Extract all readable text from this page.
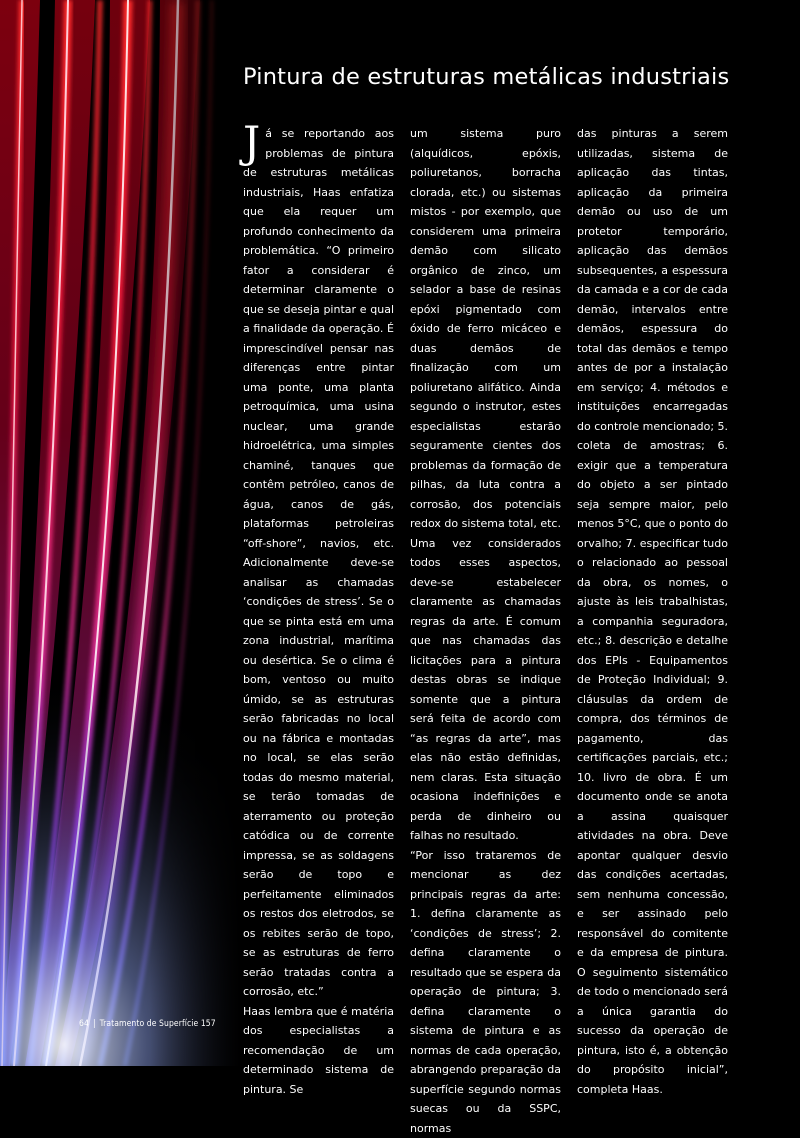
Pintura de estruturas metálicas industriais

Já se reportando aos problemas de pintura de estruturas metálicas industriais, Haas enfatiza que ela requer um profundo conhecimento da problemática. “O primeiro fator a considerar é determinar claramente o que se deseja pintar e qual a finalidade da operação. É imprescindível pensar nas diferenças entre pintar uma ponte, uma planta petroquímica, uma usina nuclear, uma grande hidroelétrica, uma simples chaminé, tanques que contêm petróleo, canos de água, canos de gás, plataformas petroleiras “off-shore”, navios, etc. Adicionalmente deve-se analisar as chamadas ‘condições de stress’. Se o que se pinta está em uma zona industrial, marítima ou desértica. Se o clima é bom, ventoso ou muito úmido, se as estruturas serão fabricadas no local ou na fábrica e montadas no local, se elas serão todas do mesmo material, se terão tomadas de aterramento ou proteção catódica ou de corrente impressa, se as soldagens serão de topo e perfeitamente eliminados os restos dos eletrodos, se os rebites serão de topo, se as estruturas de ferro serão tratadas contra a corrosão, etc.”

Haas lembra que é matéria dos especialistas a recomendação de um determinado sistema de pintura. Se

um sistema puro (alquídicos, epóxis, poliuretanos, borracha clorada, etc.) ou sistemas mistos - por exemplo, que considerem uma primeira demão com silicato orgânico de zinco, um selador a base de resinas epóxi pigmentado com óxido de ferro micáceo e duas demãos de finalização com um poliuretano alifático. Ainda segundo o instrutor, estes especialistas estarão seguramente cientes dos problemas da formação de pilhas, da luta contra a corrosão, dos potenciais redox do sistema total, etc.

Uma vez considerados todos esses aspectos, deve-se estabelecer claramente as chamadas regras da arte. É comum que nas chamadas das licitações para a pintura destas obras se indique somente que a pintura será feita de acordo com “as regras da arte”, mas elas não estão definidas, nem claras. Esta situação ocasiona indefinições e perda de dinheiro ou falhas no resultado.

“Por isso trataremos de mencionar as dez principais regras da arte: 1. defina claramente as ‘condições de stress’; 2. defina claramente o resultado que se espera da operação de pintura; 3. defina claramente o sistema de pintura e as normas de cada operação, abrangendo preparação da superfície segundo normas suecas ou da SSPC, normas

das pinturas a serem utilizadas, sistema de aplicação das tintas, aplicação da primeira demão ou uso de um protetor temporário, aplicação das demãos subsequentes, a espessura da camada e a cor de cada demão, intervalos entre demãos, espessura do total das demãos e tempo antes de por a instalação em serviço; 4. métodos e instituições encarregadas do controle mencionado; 5. coleta de amostras; 6. exigir que a temperatura do objeto a ser pintado seja sempre maior, pelo menos 5°C, que o ponto do orvalho; 7. especificar tudo o relacionado ao pessoal da obra, os nomes, o ajuste às leis trabalhistas, a companhia seguradora, etc.; 8. descrição e detalhe dos EPIs - Equipamentos de Proteção Individual; 9. cláusulas da ordem de compra, dos términos de pagamento, das certificações parciais, etc.; 10. livro de obra. É um documento onde se anota a assina quaisquer atividades na obra. Deve apontar qualquer desvio das condições acertadas, sem nenhuma concessão, e ser assinado pelo responsável do comitente e da empresa de pintura. O seguimento sistemático de todo o mencionado será a única garantia do sucesso da operação de pintura, isto é, a obtenção do propósito inicial”, completa Haas.

64 | Tratamento de Superfície 157
